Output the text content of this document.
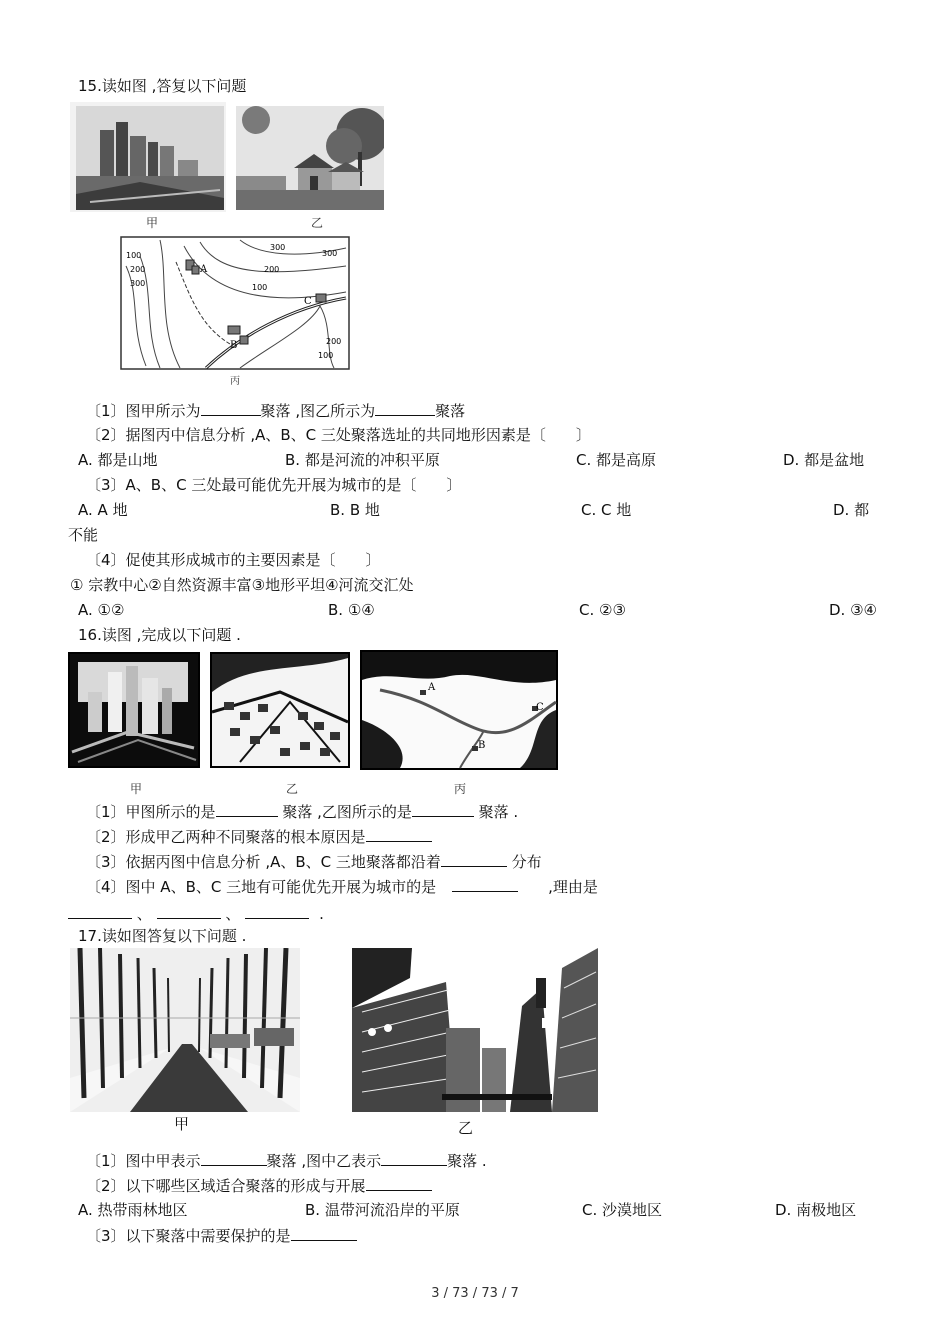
15.读如图 ,答复以下问题
甲	乙
A
B
C
300
300
100
200
300
200
100
200
100
丙
〔1〕图甲所示为	聚落 ,图乙所示为	聚落
〔2〕据图丙中信息分析 ,A、B、C 三处聚落选址的共同地形因素是〔　　〕
A. 都是山地	B. 都是河流的冲积平原	C. 都是高原	D. 都是盆地
〔3〕A、B、C 三处最可能优先开展为城市的是〔　　〕
A. A 地	B. B 地	C. C 地	D. 都
不能
〔4〕促使其形成城市的主要因素是〔　　〕
① 宗教中心②自然资源丰富③地形平坦④河流交汇处
A. ①②	B. ①④	C. ②③	D. ③④
16.读图 ,完成以下问题 .
A
B
C
甲	乙	丙
〔1〕甲图所示的是	聚落 ,乙图所示的是	聚落 .
〔2〕形成甲乙两种不同聚落的根本原因是
〔3〕依据丙图中信息分析 ,A、B、C 三地聚落都沿着	分布
〔4〕图中 A、B、C 三地有可能优先开展为城市的是	,理由是
、	、	.
17.读如图答复以下问题 .
甲	乙
〔1〕图中甲表示	聚落 ,图中乙表示	聚落 .
〔2〕以下哪些区域适合聚落的形成与开展
A. 热带雨林地区	B. 温带河流沿岸的平原	C. 沙漠地区	D. 南极地区
〔3〕以下聚落中需要保护的是
3 / 73 / 73 / 7
